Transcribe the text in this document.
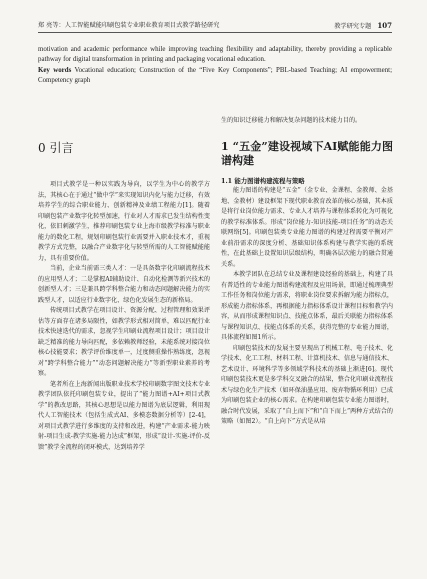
郑 亮等：人工智能赋能印刷包装专业职业教育项目式教学路径研究	教学研究专题 107

motivation and academic performance while improving teaching flexibility and adaptability, thereby providing a replicable pathway for digital transformation in printing and packaging vocational education.

Key words Vocational education; Construction of the “Five Key Components”; PBL-based Teaching; AI empowerment; Competency graph

0 引言

项目式教学是一种以实践为导向，以学生为中心的教学方法，其核心在于通过“做中学”来实现知识内化与能力迁移，有效培养学生的综合职业能力、创新精神及业绩工程能力[1]。随着印刷包装产业数字化转型加速，行业对人才需求已发生结构性变化，依旧刺激学生，推荐印刷包装专业上海市级教学标准与职业能力的数化工程，规划印刷包装行业需要并入职业技术才，重视教学方式完整，以融合产业数字化与转型所需的人工智能赋能能力，具有重要价值。

当前，企业当前需三类人才：一是具备数字化印刷流程技术的应用型人才；二是掌握AI辅助设计、自动化检测等新兴技术的创新型人才；三是兼具跨学科整合能力和动态问题解决能力的实践型人才，以适应行业数字化、绿色化发展生态的新格局。

传统项目式教学在项目设计、资源分配、过程管理和效果评估等方面存在诸多局限性，如教学形式相对简单，难以匹配行业技术快速迭代的需求，忽视学生印刷业流程项目设计；项目设计缺乏精准的能力导向匹配，多依赖教师经验，未能系统对接岗位核心技能要求；教学评价维度单一，过度侧重操作熟练度，忽视对“跨学科整合能力”“动态问题解决能力”等新型职业素养的考察。

笔者所在上海新闻出版职业技术学校印刷数字图文技术专业教学团队依托印刷包装专业，提出了“能力图谱+AI+项目式教学”的教改思路，其核心思想是以能力图谱为底层逻辑，利用现代人工智能技术（包括生成式AI、多模态数据分析等）[2-4]，对项目式教学进行多维度的支持和改进，构建“产业需求-能力映射-项目生成-教学实施-能力达成”框架，形成“设计-实施-评价-反馈”教学全流程的闭环模式，达到培养学

生的知识迁移能力和解决复杂问题的技术能力目的。

1 “五金”建设视域下AI赋能能力图谱构建

1.1 能力图谱构建流程与策略

能力图谱的构建是“五金”（金专业、金课程、金教师、金基地、金教材）建设框架下现代职业教育改革的核心基础，其本质是将行业岗位能力需求、专业人才培养与课程体系转化为可视化的教学标准体系。形成“岗位能力-知识技能-项目任务”的动态关联网络[5]。印刷包装类专业能力图谱的构建过程需要平衡对产业前沿需求的深度分析、基础知识体系构建与教学实施的系统性，在此基础上设置知识层级结构，明确各层次能力的融合贯通关系。

本教学团队在总结专业及课程建设经验的基础上，构建了具有普适性的专业能力图谱构建流程及应用场景，即通过梳理典型工作任务和岗位能力需求，将职业岗位要求拆解为能力指标点，形成能力指标体系，再根据能力指标体系设计课程目标和教学内容，从而形成课程知识点、技能点体系，最后关联能力指标体系与课程知识点、技能点体系的关系，获得完整的专业能力图谱，具体流程如图1所示。

印刷包装技术的发展主要呈现出了机械工程、电子技术、化学技术、化工工程、材料工程、计算机技术、信息与通信技术、艺术设计、环境科学等多领域学科技术的基础上渐进[6]。现代印刷包装技术更是多学科交叉融合的结果，整合化印刷业流程技术与绿色化生产技术（如环保油墨应用、废弃物循环利用）已成为印刷包装企业的核心需求。在构建印刷包装专业能力图谱时，融合时代发展，采取了“自上而下”和“自下而上”两种方式结合的策略（如图2）。“自上向下”方式是从培
